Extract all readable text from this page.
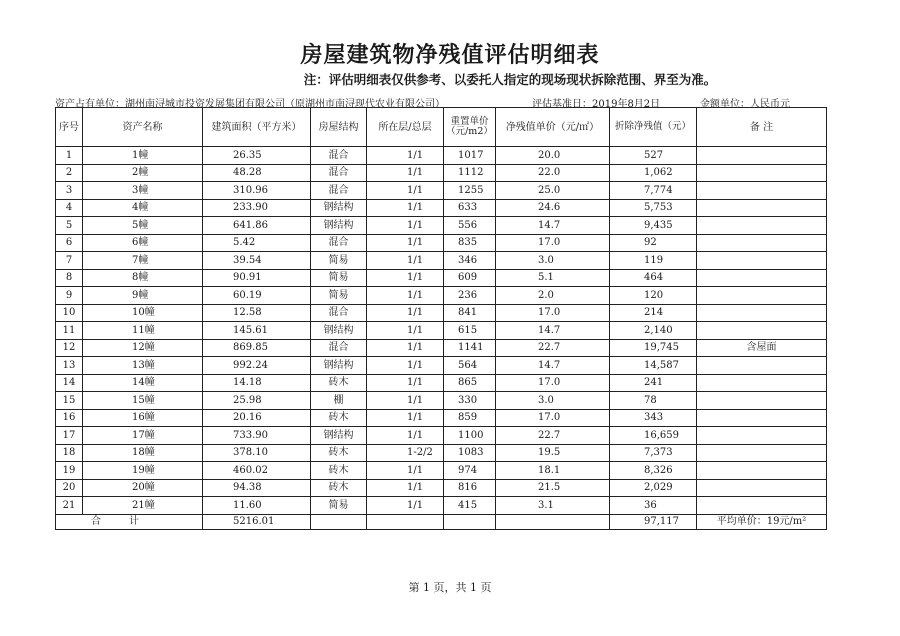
房屋建筑物净残值评估明细表
注：评估明细表仅供参考、以委托人指定的现场现状拆除范围、界至为准。
资产占有单位：湖州南浔城市投资发展集团有限公司（原湖州市南浔现代农业有限公司）	评估基准日：2019年8月2日	金额单位：人民币元
序号	资产名称	建筑面积（平方米）	房屋结构	所在层/总层	重置单价（元/m2）	净残值单价（元/㎡）	折除净残值（元）	备 注
1	1幢	26.35	混合	1/1	1017	20.0	527	
2	2幢	48.28	混合	1/1	1112	22.0	1,062	
3	3幢	310.96	混合	1/1	1255	25.0	7,774	
4	4幢	233.90	钢结构	1/1	633	24.6	5,753	
5	5幢	641.86	钢结构	1/1	556	14.7	9,435	
6	6幢	5.42	混合	1/1	835	17.0	92	
7	7幢	39.54	简易	1/1	346	3.0	119	
8	8幢	90.91	简易	1/1	609	5.1	464	
9	9幢	60.19	简易	1/1	236	2.0	120	
10	10幢	12.58	混合	1/1	841	17.0	214	
11	11幢	145.61	钢结构	1/1	615	14.7	2,140	
12	12幢	869.85	混合	1/1	1141	22.7	19,745	含屋面
13	13幢	992.24	钢结构	1/1	564	14.7	14,587	
14	14幢	14.18	砖木	1/1	865	17.0	241	
15	15幢	25.98	棚	1/1	330	3.0	78	
16	16幢	20.16	砖木	1/1	859	17.0	343	
17	17幢	733.90	钢结构	1/1	1100	22.7	16,659	
18	18幢	378.10	砖木	1-2/2	1083	19.5	7,373	
19	19幢	460.02	砖木	1/1	974	18.1	8,326	
20	20幢	94.38	砖木	1/1	816	21.5	2,029	
21	21幢	11.60	简易	1/1	415	3.1	36	
合计		5216.01					97,117	平均单价：19元/m²
第 1 页，共 1 页
